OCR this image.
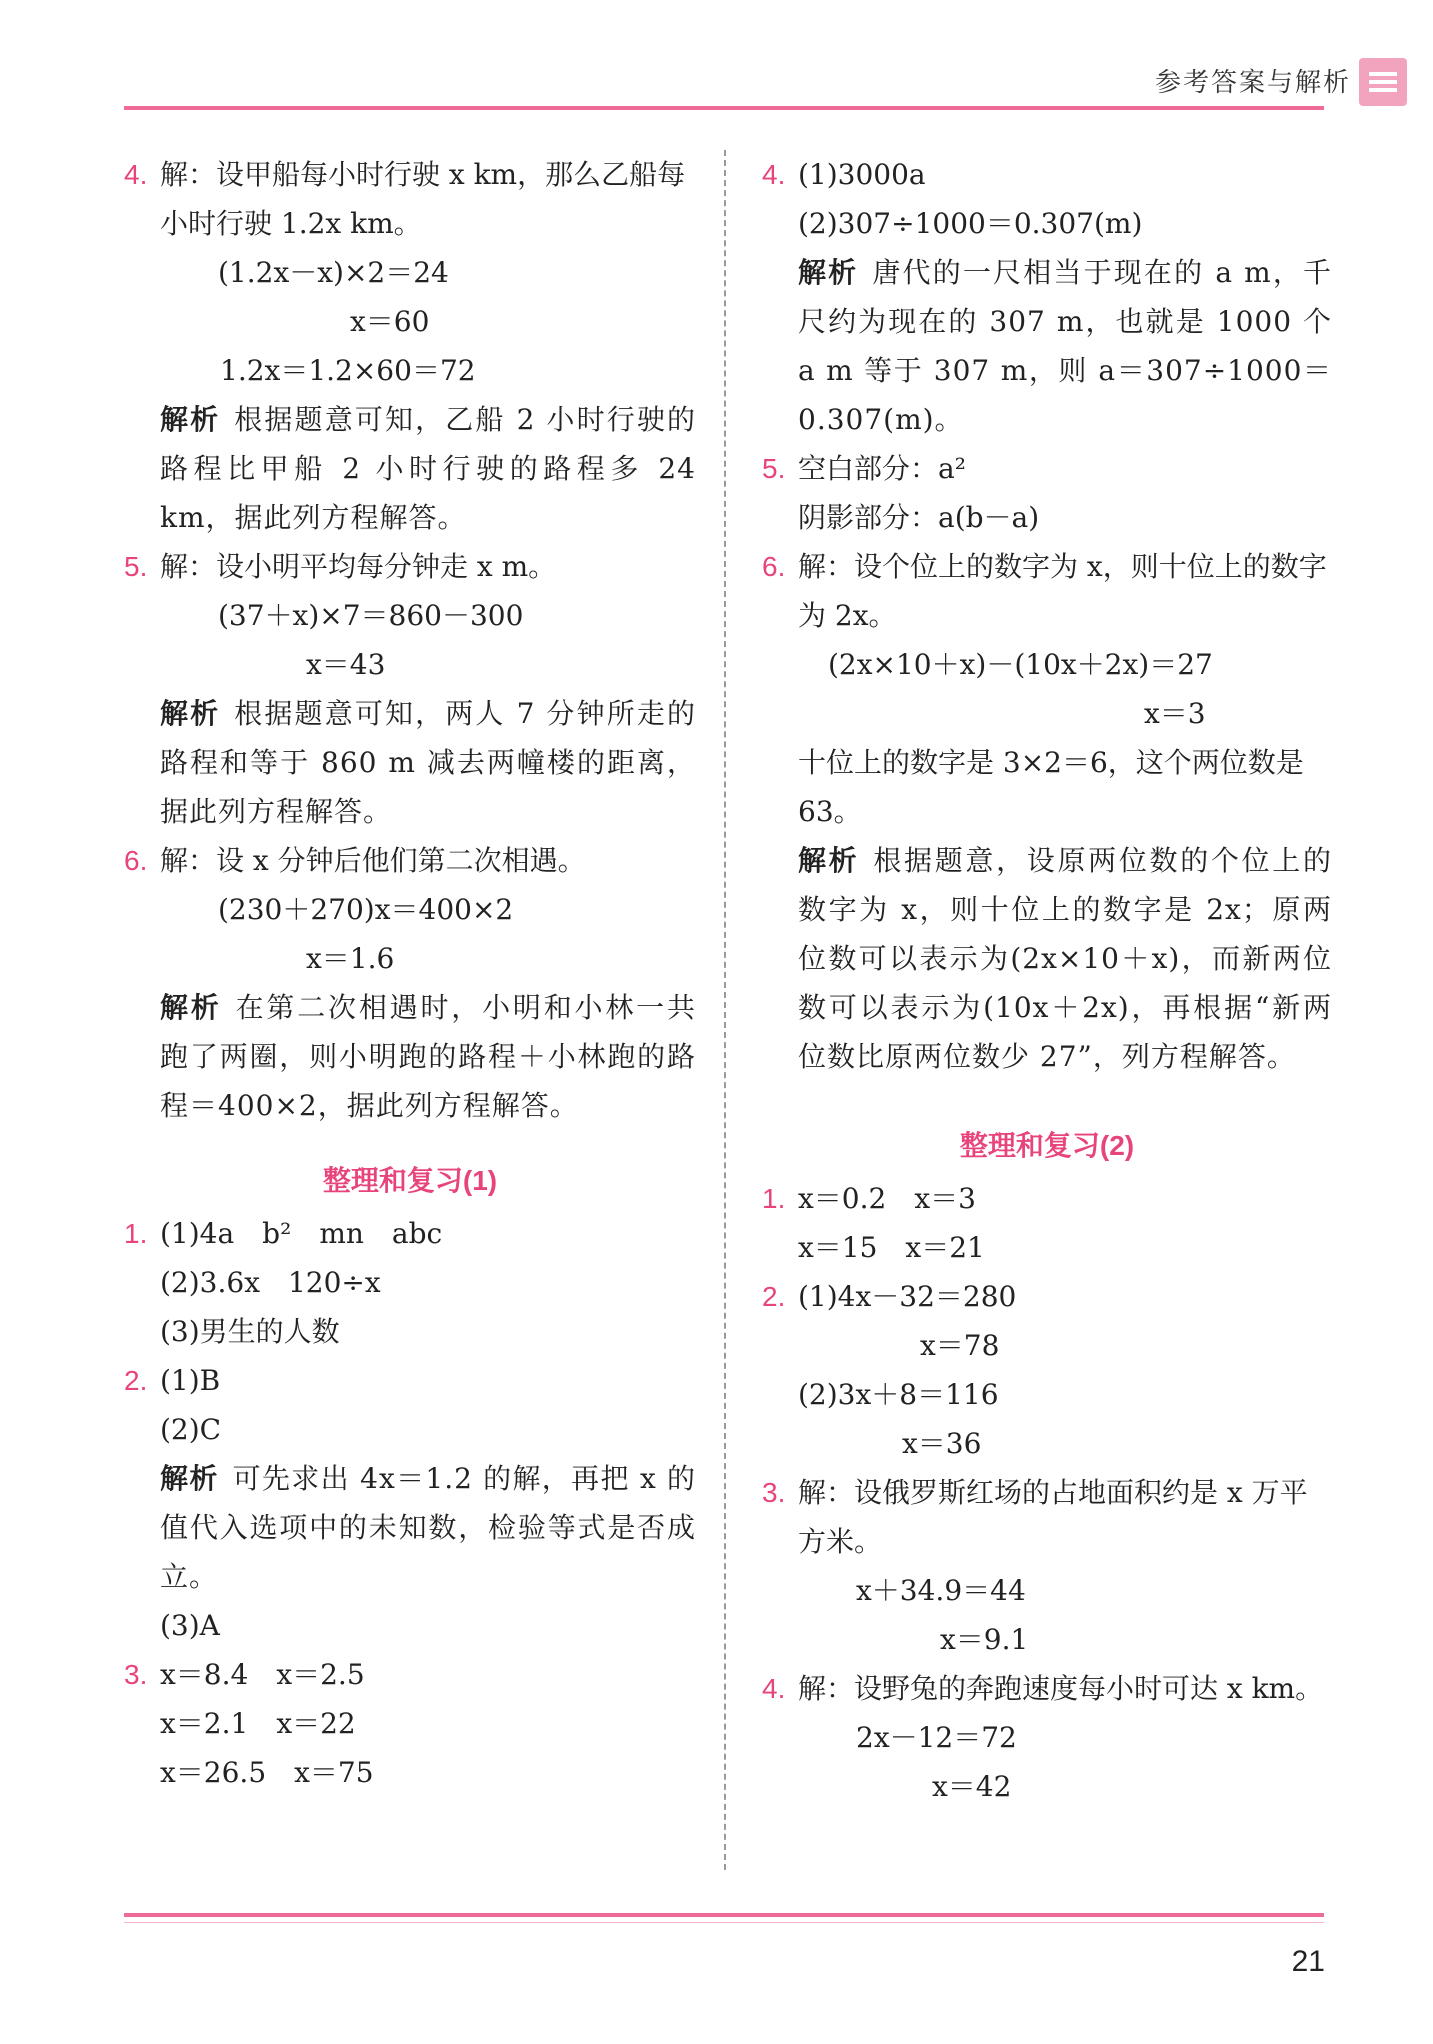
参考答案与解析
4. 解：设甲船每小时行驶 x km，那么乙船每小时行驶 1.2x km。
(1.2x－x)×2＝24
x＝60
1.2x＝1.2×60＝72
解析 根据题意可知，乙船 2 小时行驶的路程比甲船 2 小时行驶的路程多 24 km，据此列方程解答。
5. 解：设小明平均每分钟走 x m。
(37＋x)×7＝860－300
x＝43
解析 根据题意可知，两人 7 分钟所走的路程和等于 860 m 减去两幢楼的距离，据此列方程解答。
6. 解：设 x 分钟后他们第二次相遇。
(230＋270)x＝400×2
x＝1.6
解析 在第二次相遇时，小明和小林一共跑了两圈，则小明跑的路程＋小林跑的路程＝400×2，据此列方程解答。
整理和复习(1)
1. (1)4a　b²　mn　abc
(2)3.6x　120÷x
(3)男生的人数
2. (1)B
(2)C
解析 可先求出 4x＝1.2 的解，再把 x 的值代入选项中的未知数，检验等式是否成立。
(3)A
3. x＝8.4　x＝2.5
x＝2.1　x＝22
x＝26.5　x＝75
4. (1)3000a
(2)307÷1000＝0.307(m)
解析 唐代的一尺相当于现在的 a m，千尺约为现在的 307 m，也就是 1000 个 a m 等于 307 m，则 a＝307÷1000＝0.307(m)。
5. 空白部分：a²
阴影部分：a(b－a)
6. 解：设个位上的数字为 x，则十位上的数字为 2x。
(2x×10＋x)－(10x＋2x)＝27
x＝3
十位上的数字是 3×2＝6，这个两位数是 63。
解析 根据题意，设原两位数的个位上的数字为 x，则十位上的数字是 2x；原两位数可以表示为(2x×10＋x)，而新两位数可以表示为(10x＋2x)，再根据“新两位数比原两位数少 27”，列方程解答。
整理和复习(2)
1. x＝0.2　x＝3
x＝15　x＝21
2. (1)4x－32＝280
x＝78
(2)3x＋8＝116
x＝36
3. 解：设俄罗斯红场的占地面积约是 x 万平方米。
x＋34.9＝44
x＝9.1
4. 解：设野兔的奔跑速度每小时可达 x km。
2x－12＝72
x＝42
21
